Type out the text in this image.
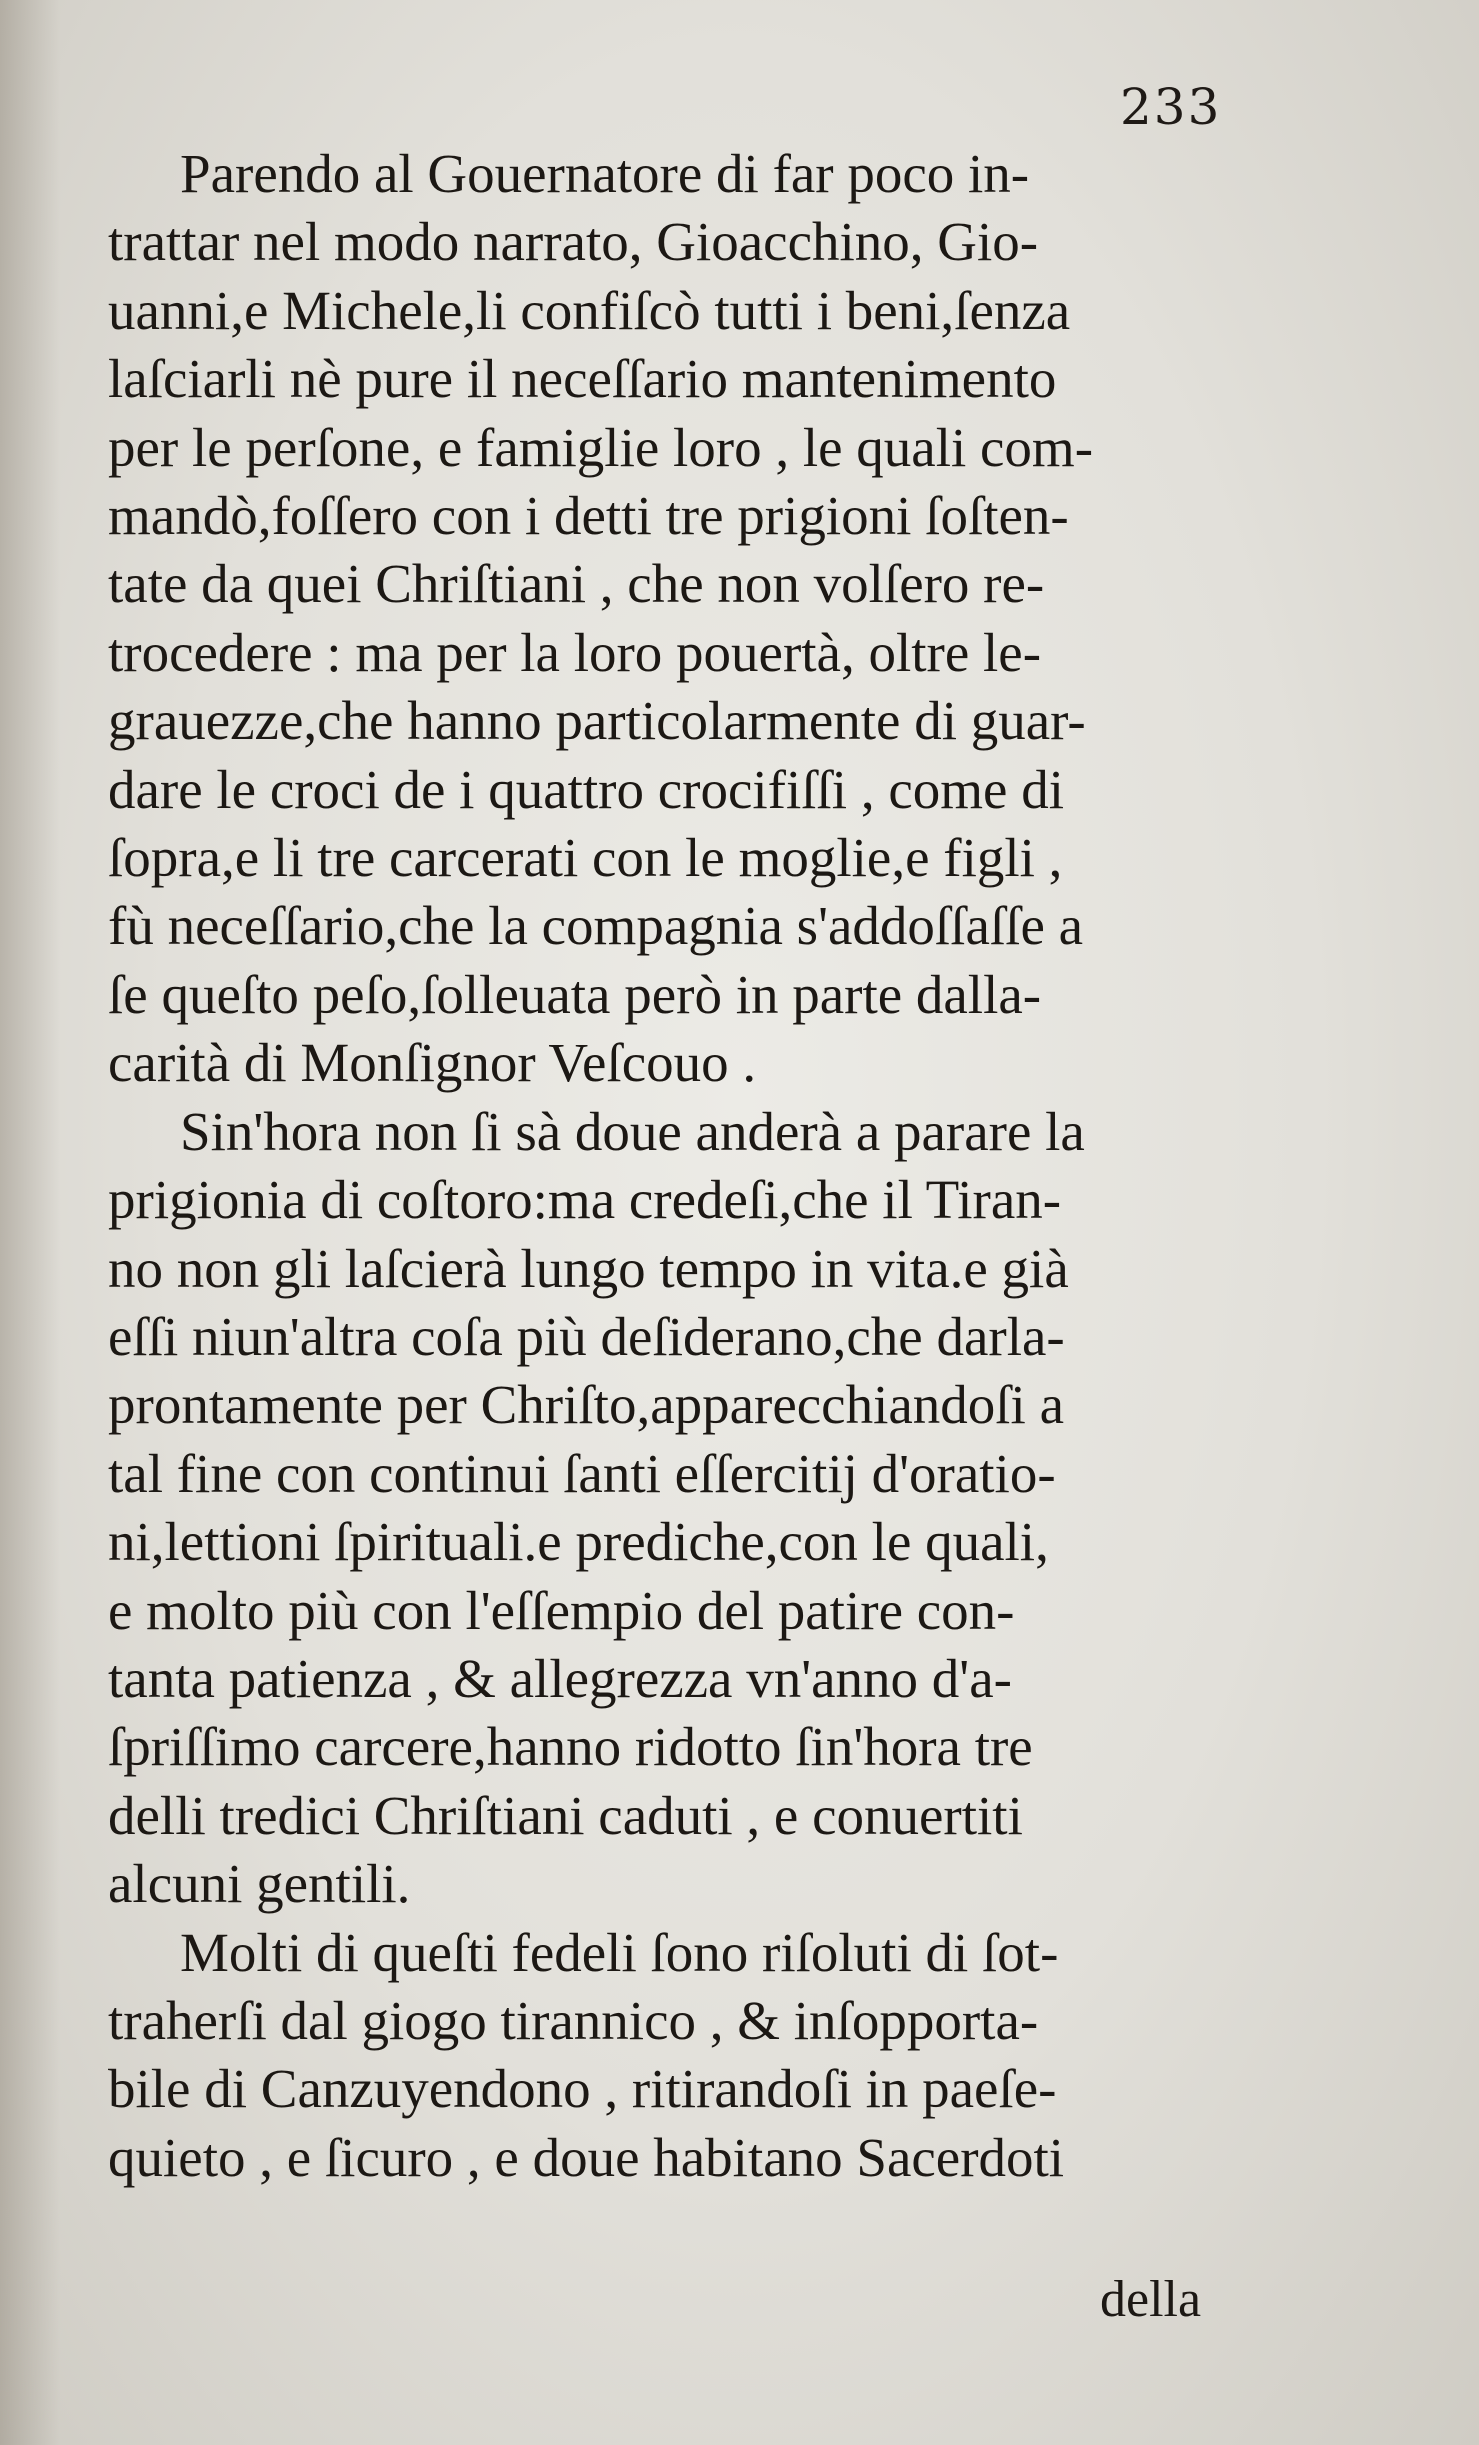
233
Parendo al Gouernatore di far poco in-
trattar nel modo narrato, Gioacchino, Gio-
uanni,e Michele,li confiſcò tutti i beni,ſenza
laſciarli nè pure il neceſſario mantenimento
per le perſone, e famiglie loro , le quali com-
mandò,foſſero con i detti tre prigioni ſoſten-
tate da quei Chriſtiani , che non volſero re-
trocedere : ma per la loro pouertà, oltre le-
grauezze,che hanno particolarmente di guar-
dare le croci de i quattro crocifiſſi , come di
ſopra,e li tre carcerati con le moglie,e figli ,
fù neceſſario,che la compagnia s'addoſſaſſe a
ſe queſto peſo,ſolleuata però in parte dalla-
carità di Monſignor Veſcouo .
Sin'hora non ſi sà doue anderà a parare la
prigionia di coſtoro:ma credeſi,che il Tiran-
no non gli laſcierà lungo tempo in vita.e già
eſſi niun'altra coſa più deſiderano,che darla-
prontamente per Chriſto,apparecchiandoſi a
tal fine con continui ſanti eſſercitij d'oratio-
ni,lettioni ſpirituali.e prediche,con le quali,
e molto più con l'eſſempio del patire con-
tanta patienza , & allegrezza vn'anno d'a-
ſpriſſimo carcere,hanno ridotto ſin'hora tre
delli tredici Chriſtiani caduti , e conuertiti
alcuni gentili.
Molti di queſti fedeli ſono riſoluti di ſot-
traherſi dal giogo tirannico , & inſopporta-
bile di Canzuyendono , ritirandoſi in paeſe-
quieto , e ſicuro , e doue habitano Sacerdoti
della
